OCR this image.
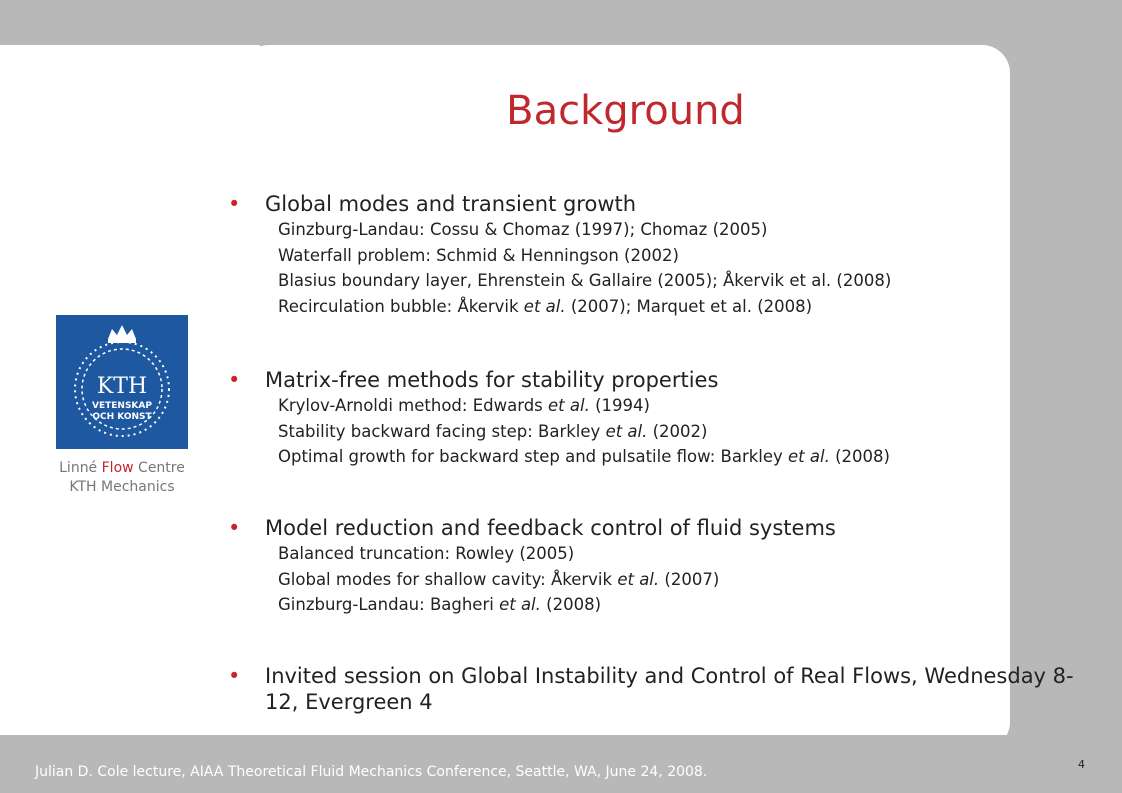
Background
KTH
VETENSKAP
OCH KONST
Linné Flow Centre
KTH Mechanics
• Global modes and transient growth
Ginzburg-Landau: Cossu & Chomaz (1997); Chomaz (2005)
Waterfall problem: Schmid & Henningson (2002)
Blasius boundary layer, Ehrenstein & Gallaire (2005); Åkervik et al. (2008)
Recirculation bubble: Åkervik et al. (2007); Marquet et al. (2008)
• Matrix-free methods for stability properties
Krylov-Arnoldi method: Edwards et al. (1994)
Stability backward facing step: Barkley et al. (2002)
Optimal growth for backward step and pulsatile flow: Barkley et al. (2008)
• Model reduction and feedback control of fluid systems
Balanced truncation: Rowley (2005)
Global modes for shallow cavity: Åkervik et al. (2007)
Ginzburg-Landau: Bagheri et al. (2008)
• Invited session on Global Instability and Control of Real Flows, Wednesday 8-12, Evergreen 4
Julian D. Cole lecture, AIAA Theoretical Fluid Mechanics Conference, Seattle, WA, June 24, 2008.	4
